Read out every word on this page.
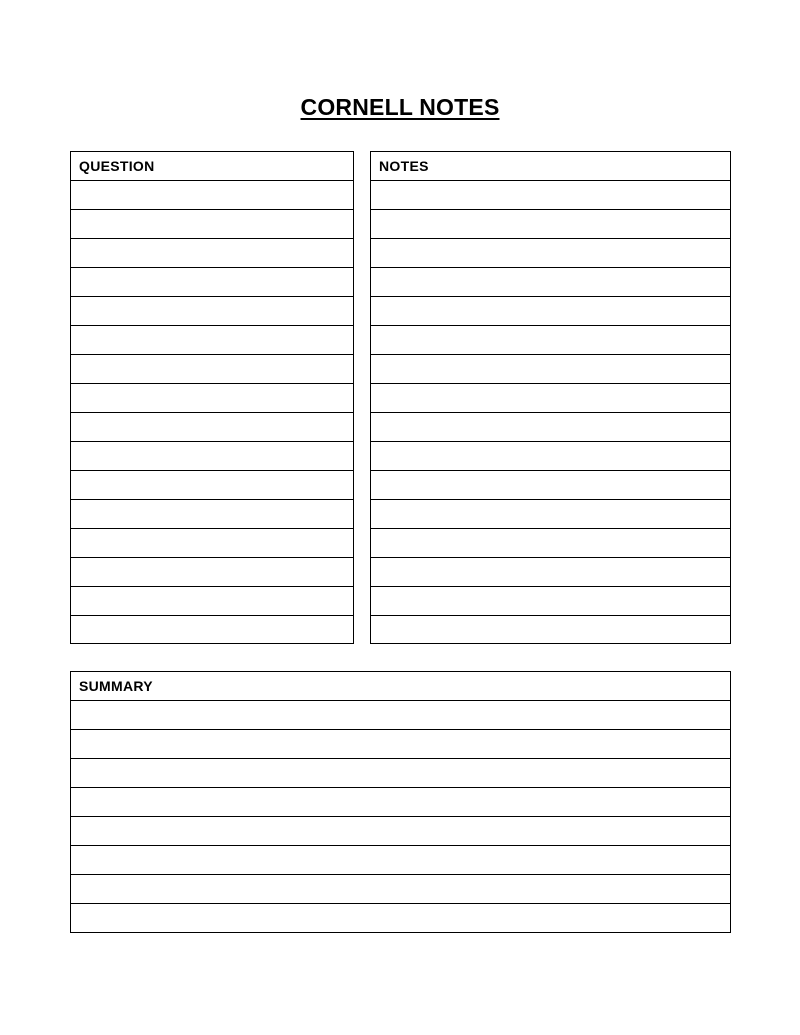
CORNELL NOTES
QUESTION	NOTES
SUMMARY
